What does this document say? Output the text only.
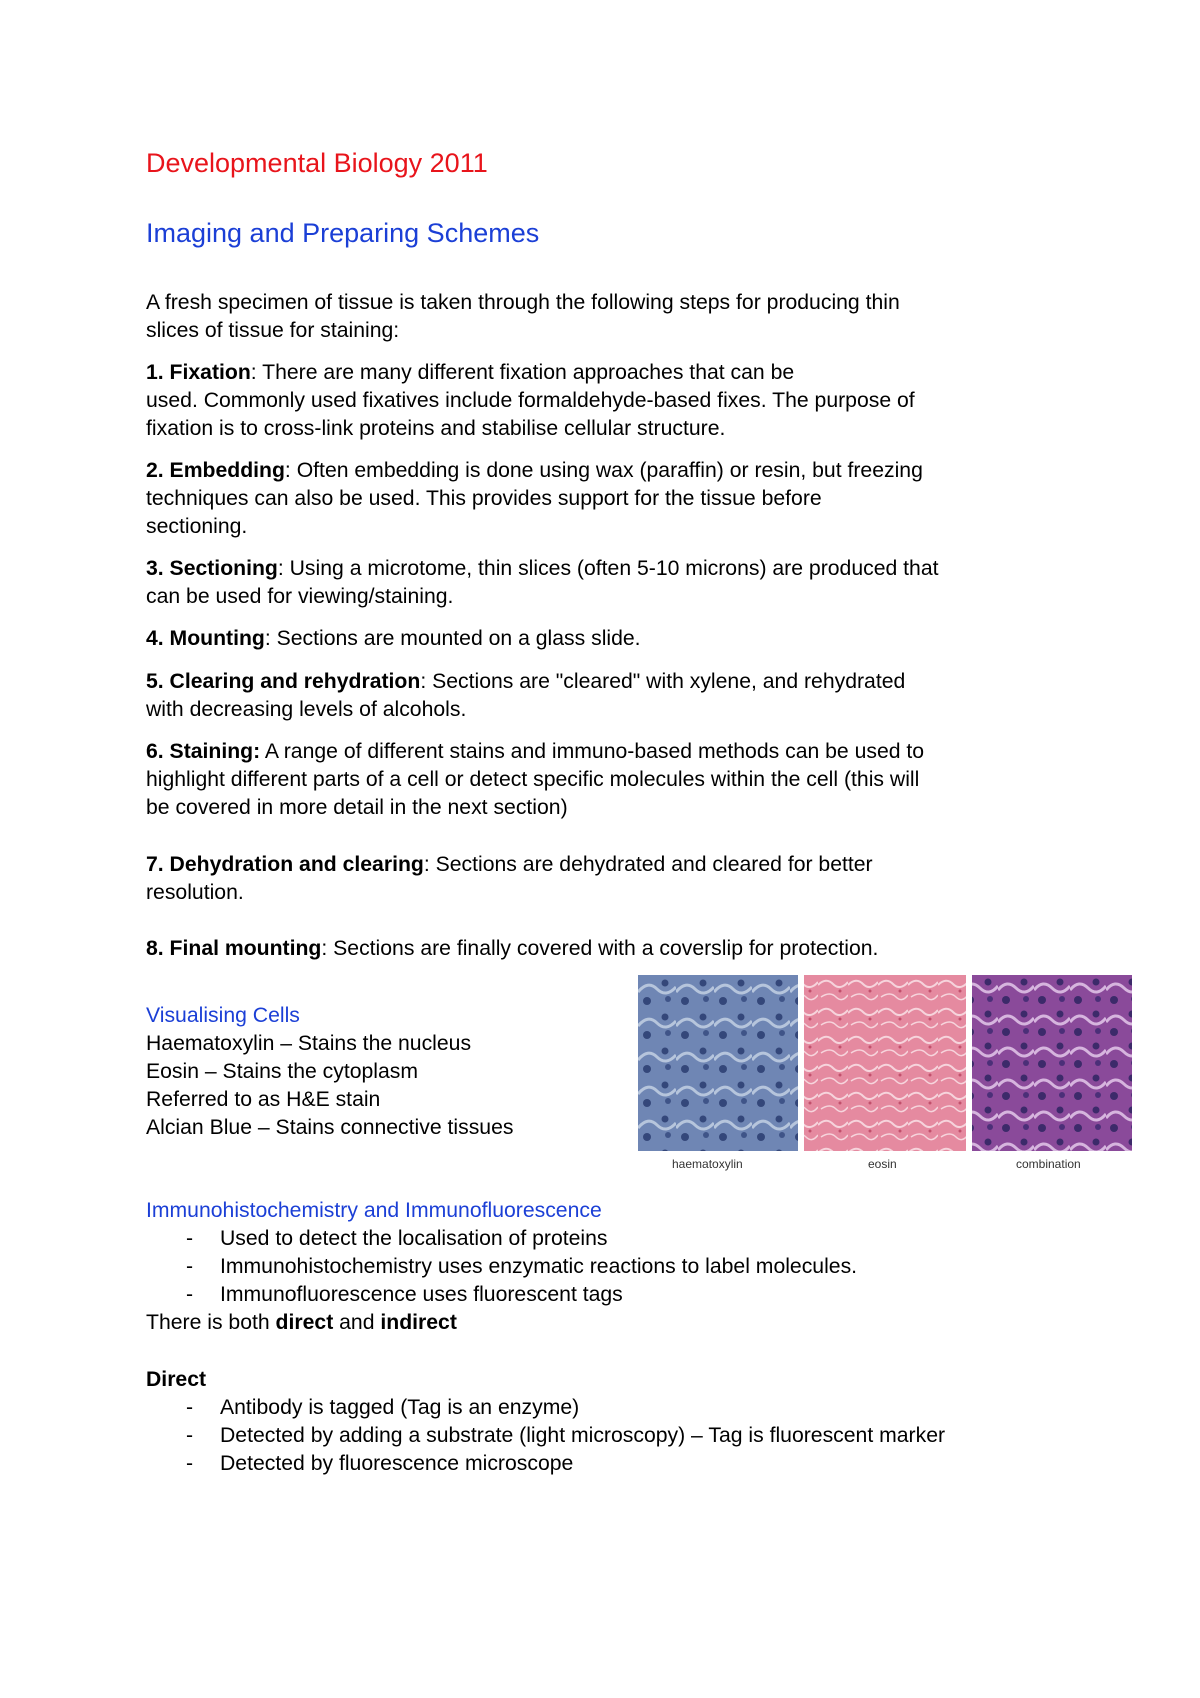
Developmental Biology 2011
Imaging and Preparing Schemes
A fresh specimen of tissue is taken through the following steps for producing thin
slices of tissue for staining:
1. Fixation: There are many different fixation approaches that can be
used. Commonly used fixatives include formaldehyde-based fixes. The purpose of
fixation is to cross-link proteins and stabilise cellular structure.
2. Embedding: Often embedding is done using wax (paraffin) or resin, but freezing
techniques can also be used. This provides support for the tissue before
sectioning.
3. Sectioning: Using a microtome, thin slices (often 5-10 microns) are produced that
can be used for viewing/staining.
4. Mounting: Sections are mounted on a glass slide.
5. Clearing and rehydration: Sections are "cleared" with xylene, and rehydrated
with decreasing levels of alcohols.
6. Staining: A range of different stains and immuno-based methods can be used to
highlight different parts of a cell or detect specific molecules within the cell (this will
be covered in more detail in the next section)
7. Dehydration and clearing: Sections are dehydrated and cleared for better
resolution.
8. Final mounting: Sections are finally covered with a coverslip for protection.
Visualising Cells
Haematoxylin – Stains the nucleus
Eosin – Stains the cytoplasm
Referred to as H&E stain
Alcian Blue – Stains connective tissues
haematoxylin	eosin	combination
Immunohistochemistry and Immunofluorescence
- Used to detect the localisation of proteins
- Immunohistochemistry uses enzymatic reactions to label molecules.
- Immunofluorescence uses fluorescent tags
There is both direct and indirect
Direct
- Antibody is tagged (Tag is an enzyme)
- Detected by adding a substrate (light microscopy) – Tag is fluorescent marker
- Detected by fluorescence microscope
